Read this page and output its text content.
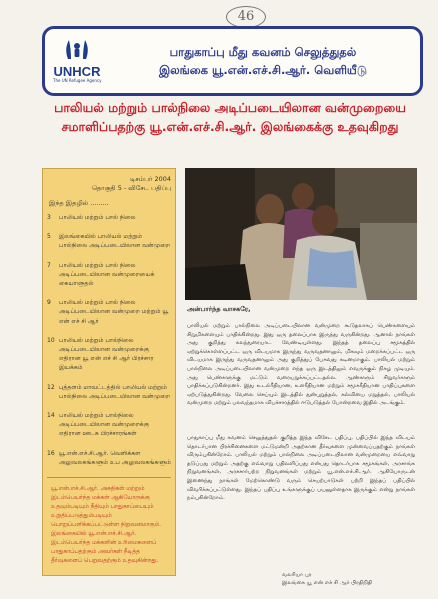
46
UNHCR
The UN Refugee Agency
பாதுகாப்பு மீது கவனம் செலுத்துதல்
இலங்கை யூ.என்.எச்.சி.ஆர். வெளியீடு
பாலியல் மற்றும் பால்நிலை அடிப்படையிலான வன்முறையை சமாளிப்பதற்கு யூ.என்.எச்.சி.ஆர். இலங்கைக்கு உதவுகிறது
டிசம்பர் 2004
தொகுதி 5 - விசேட பதிப்பு
இந்த இதழில் .........
3 பாலியல் மற்றும் பால் நிலை
5 இலங்கையில் பாலியல் மற்றும் பால்நிலை அடிப்படையிலான வன்முறை
7 பாலியல் மற்றும் பால் நிலை அடிப்படையிலான வன்முறையைக் கையாளுதல்
9 பாலியல் மற்றும் பால் நிலை அடிப்படையிலான வன்முறை மற்றும் யூ என் எச் சி ஆர்
10 பாலியல் மற்றும் பால்நிலை அடிப்படையிலான வன்முறைக்கு எதிரான யூ என் எச் சி ஆர் பிரச்சார இயக்கம்
12 புத்தளம் மாவட்டத்தில் பாலியல் மற்றும் பால்நிலை அடிப்படையிலான வன்முறை
14 பாலியல் மற்றும் பால்நிலை அடிப்படையிலான வன்முறைக்கு எதிரான ஊடக பிரச்சாரங்கள்
16 யூ.என்.எச்.சி.ஆர். வெளிக்கள அலுவலகங்களும் உப அலுவலகங்களும்
யூ.என்.எச்.சி.ஆர். அகதிகள் மற்றும் இடம்பெயர்ந்த மக்கள் ஆகியோருக்கு உதவும்படியும் நீதியும் பாதுகாப்பையும் உறுதிப்படுத்தும்படியும் பொறுப்பளிக்கப்பட்டுள்ள நிறுவனமாகும். இலங்கையில் யூ.என்.எச்.சி.ஆர். இடம்பெயர்ந்த மக்களின் உரிமைகளைப் பாதுகாப்பதற்கும் அவர்கள் நீடித்த தீர்வுகளைப் பெறுவதற்கும் உதவுகின்றது.
அன்பார்ந்த வாசகரே,

பாலியல் மற்றும் பால்நிலை அடிப்படையிலான வன்முறை கூடுதலாகப் பெண்களையும் சிறுமிகளையும் பாதிக்கின்றது. இது ஒரு தலைப்பாக இருந்து வருகின்றது. ஆனால் நாங்கள் அது குறித்து கலந்துரையாட வேண்டியுள்ளது. இந்தத் தலைப்பு சமூகத்தில் ஏற்றுக்கொள்ளப்பட்ட ஒரு விடயமாக இருந்து வருவதனாலும், மிகவும் மறைக்கப்பட்ட ஒரு விடயமாக இருந்து வருவதனாலும் அது குறித்துப் பேசுவது கடினமாகும். பாலியல் மற்றும் பால்நிலை அடிப்படையிலான வன்முறை எந்த ஒரு இடத்திலும் எவருக்கும் நிகழ முடியும். அது பெண்களுக்கு மட்டும் வரையறுக்கப்பட்டதல்ல. ஆண்களும் சிறுவர்களும் பாதிக்கப்படுகின்றனர். இது உடல்ரீதியான, உளரீதியான மற்றும் சமூகரீதியான பாதிப்புகளை ஏற்படுத்துகின்றது. வேலை செய்யும் இடத்தில் துன்புறுத்தல், கல்வியை மறுத்தல், பாலியல் வன்முறை மற்றும் பலவந்தமாக விபச்சாரத்தில் ஈடுபடுத்தல் போன்றவை இதில் அடங்கும்.

பாதுகாப்பு மீது கவனம் செலுத்துதல் குறித்த இந்த விசேட பதிப்பு, பதிப்பில் இந்த விடயம் தொடர்பான பிரச்சினைகளை மட்டுமன்றி அதற்கான தீர்வுகளை முன்வைப்பதற்கும் நாங்கள் விரும்புகின்றோம். பாலியல் மற்றும் பால்நிலை அடிப்படையிலான வன்முறையை எவ்வாறு தடுப்பது மற்றும் அதற்கு எவ்வாறு பதிலளிப்பது என்பது தொடர்பாக சமூகங்கள், அரசாங்க நிறுவனங்கள், அரசசார்பற்ற நிறுவனங்கள் மற்றும் யூ.என்.எச்.சி.ஆர். ஆகியோருடன் இணைந்து நாங்கள் மேற்கொண்டு வரும் செயற்பாடுகள் பற்றி இந்தப் பதிப்பில் விவரிக்கப்பட்டுள்ளது. இந்தப் பதிப்பு உங்களுக்குப் பயனுள்ளதாக இருக்கும் என்று நாங்கள் நம்புகின்றோம்.

வலரியா புர
இலங்கை யூ என் எச் சி ஆர் பிரதிநிதி
